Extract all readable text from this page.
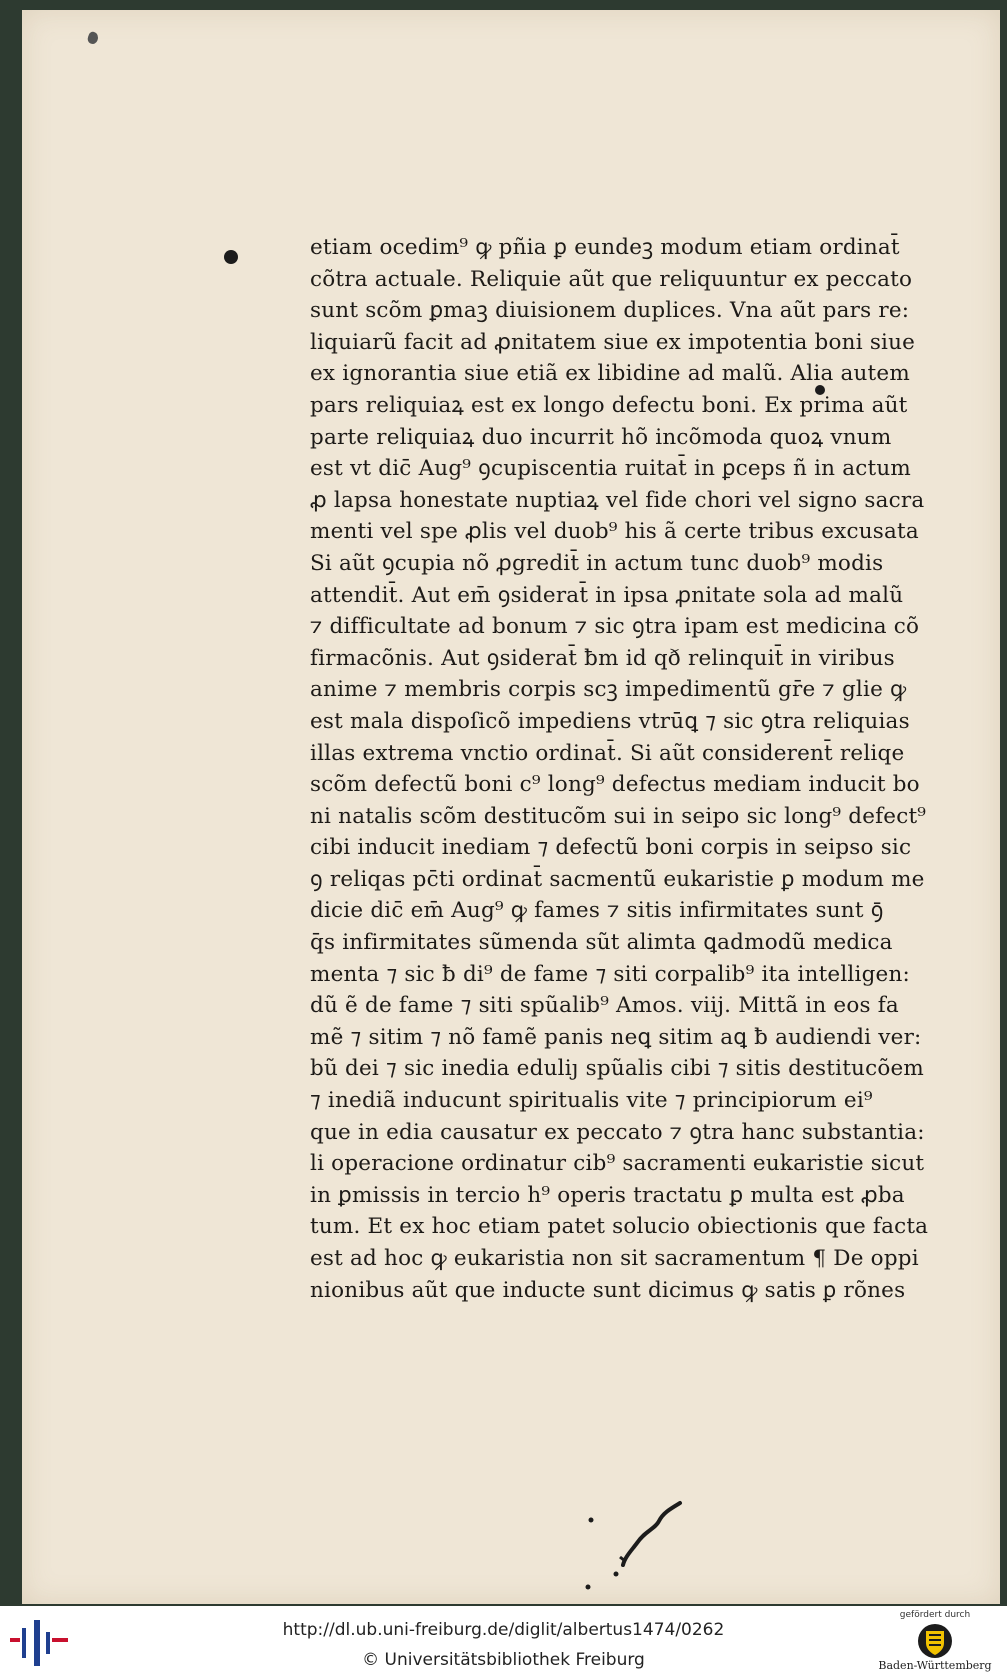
etiam ocedim⁹ ꝙ pñia ꝑ eundeꝫ modum etiam ordinat̄
cõtra actuale. Reliquie aũt que reliquuntur ex peccato
sunt scõm ꝑmaꝫ diuisionem duplices. Vna aũt pars re:
liquiarũ facit ad ꝓnitatem siue ex impotentia boni siue
ex ignorantia siue etiã ex libidine ad malũ. Alia autem
pars reliquiaꝝ est ex longo defectu boni. Ex prima aũt
parte reliquiaꝝ duo incurrit hõ incõmoda quoꝝ vnum
est vt dic̄ Aug⁹ ꝯcupiscentia ruitat̄ in ꝑceps ñ in actum
ꝓ lapsa honestate nuptiaꝝ vel fide chori vel signo sacra
menti vel spe ꝓlis vel duob⁹ his ã certe tribus excusata
Si aũt ꝯcupia nõ ꝓgredit̄ in actum tunc duob⁹ modis
attendit̄. Aut em̄ ꝯsiderat̄ in ipsa ꝓnitate sola ad malũ
⁊ difficultate ad bonum ⁊ sic ꝯtra ipam est medicina cõ
firmacõnis. Aut ꝯsiderat̄ ƀm id qð relinquit̄ in viribus
anime ⁊ membris corpis scꝫ impedimentũ gr̄e ⁊ glie ꝙ
est mala dispoſicõ impediens vtrūꝗ ⁊ sic ꝯtra reliquias
illas extrema vnctio ordinat̄. Si aũt considerent̄ reliqe
scõm defectũ boni c⁹ long⁹ defectus mediam inducit bo
ni natalis scõm destitucõm sui in seipo sic long⁹ defect⁹
cibi inducit inediam ⁊ defectũ boni corpis in seipso sic
ꝯ reliqas pc̄ti ordinat̄ sacmentũ eukaristie ꝑ modum me
dicie dic̄ em̄ Aug⁹ ꝙ fames ⁊ sitis infirmitates sunt ꝯ̄
q̄s infirmitates sũmenda sũt alimta ꝗadmodũ medica
menta ⁊ sic ƀ di⁹ de fame ⁊ siti corpalib⁹ ita intelligen:
dũ ẽ de fame ⁊ siti spũalib⁹ Amos. viij. Mittã in eos fa
mẽ ⁊ sitim ⁊ nõ famẽ panis neꝗ sitim aꝗ ƀ audiendi ver:
bũ dei ⁊ sic inedia eduliȷ spũalis cibi ⁊ sitis destitucõem
⁊ inediã inducunt spiritualis vite ⁊ principiorum ei⁹
que in edia causatur ex peccato ⁊ ꝯtra hanc substantia:
li operacione ordinatur cib⁹ sacramenti eukaristie sicut
in ꝑmissis in tercio h⁹ operis tractatu ꝑ multa est ꝓba
tum. Et ex hoc etiam patet solucio obiectionis que facta
est ad hoc ꝙ eukaristia non sit sacramentum ¶ De oppi
nionibus aũt que inducte sunt dicimus ꝙ satis ꝑ rõnes
http://dl.ub.uni-freiburg.de/diglit/albertus1474/0262
© Universitätsbibliothek Freiburg
gefördert durch
Baden-Württemberg
